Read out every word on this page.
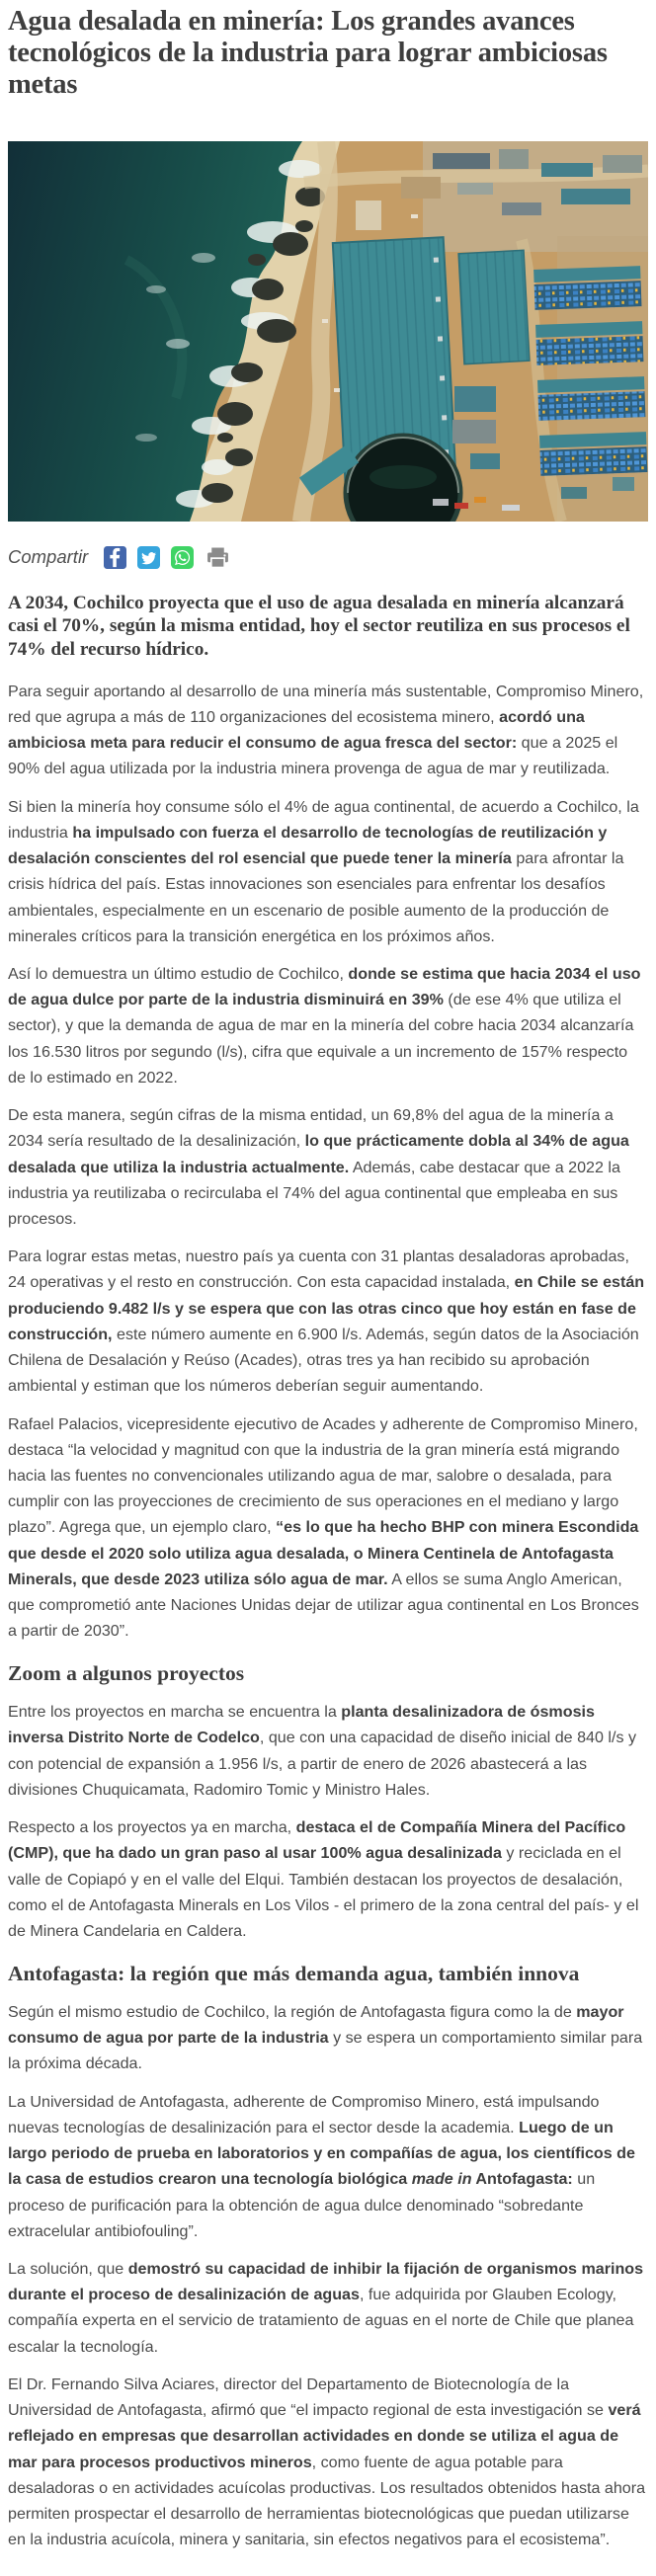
Agua desalada en minería: Los grandes avances tecnológicos de la industria para lograr ambiciosas metas
Compartir

A 2034, Cochilco proyecta que el uso de agua desalada en minería alcanzará casi el 70%, según la misma entidad, hoy el sector reutiliza en sus procesos el 74% del recurso hídrico.

Para seguir aportando al desarrollo de una minería más sustentable, Compromiso Minero, red que agrupa a más de 110 organizaciones del ecosistema minero, acordó una ambiciosa meta para reducir el consumo de agua fresca del sector: que a 2025 el 90% del agua utilizada por la industria minera provenga de agua de mar y reutilizada.

Si bien la minería hoy consume sólo el 4% de agua continental, de acuerdo a Cochilco, la industria ha impulsado con fuerza el desarrollo de tecnologías de reutilización y desalación conscientes del rol esencial que puede tener la minería para afrontar la crisis hídrica del país. Estas innovaciones son esenciales para enfrentar los desafíos ambientales, especialmente en un escenario de posible aumento de la producción de minerales críticos para la transición energética en los próximos años.

Así lo demuestra un último estudio de Cochilco, donde se estima que hacia 2034 el uso de agua dulce por parte de la industria disminuirá en 39% (de ese 4% que utiliza el sector), y que la demanda de agua de mar en la minería del cobre hacia 2034 alcanzaría los 16.530 litros por segundo (l/s), cifra que equivale a un incremento de 157% respecto de lo estimado en 2022.

De esta manera, según cifras de la misma entidad, un 69,8% del agua de la minería a 2034 sería resultado de la desalinización, lo que prácticamente dobla al 34% de agua desalada que utiliza la industria actualmente. Además, cabe destacar que a 2022 la industria ya reutilizaba o recirculaba el 74% del agua continental que empleaba en sus procesos.

Para lograr estas metas, nuestro país ya cuenta con 31 plantas desaladoras aprobadas, 24 operativas y el resto en construcción. Con esta capacidad instalada, en Chile se están produciendo 9.482 l/s y se espera que con las otras cinco que hoy están en fase de construcción, este número aumente en 6.900 l/s. Además, según datos de la Asociación Chilena de Desalación y Reúso (Acades), otras tres ya han recibido su aprobación ambiental y estiman que los números deberían seguir aumentando.

Rafael Palacios, vicepresidente ejecutivo de Acades y adherente de Compromiso Minero, destaca “la velocidad y magnitud con que la industria de la gran minería está migrando hacia las fuentes no convencionales utilizando agua de mar, salobre o desalada, para cumplir con las proyecciones de crecimiento de sus operaciones en el mediano y largo plazo”. Agrega que, un ejemplo claro, “es lo que ha hecho BHP con minera Escondida que desde el 2020 solo utiliza agua desalada, o Minera Centinela de Antofagasta Minerals, que desde 2023 utiliza sólo agua de mar. A ellos se suma Anglo American, que comprometió ante Naciones Unidas dejar de utilizar agua continental en Los Bronces a partir de 2030”.

Zoom a algunos proyectos

Entre los proyectos en marcha se encuentra la planta desalinizadora de ósmosis inversa Distrito Norte de Codelco, que con una capacidad de diseño inicial de 840 l/s y con potencial de expansión a 1.956 l/s, a partir de enero de 2026 abastecerá a las divisiones Chuquicamata, Radomiro Tomic y Ministro Hales.

Respecto a los proyectos ya en marcha, destaca el de Compañía Minera del Pacífico (CMP), que ha dado un gran paso al usar 100% agua desalinizada y reciclada en el valle de Copiapó y en el valle del Elqui. También destacan los proyectos de desalación, como el de Antofagasta Minerals en Los Vilos - el primero de la zona central del país- y el de Minera Candelaria en Caldera.

Antofagasta: la región que más demanda agua, también innova

Según el mismo estudio de Cochilco, la región de Antofagasta figura como la de mayor consumo de agua por parte de la industria y se espera un comportamiento similar para la próxima década.

La Universidad de Antofagasta, adherente de Compromiso Minero, está impulsando nuevas tecnologías de desalinización para el sector desde la academia. Luego de un largo periodo de prueba en laboratorios y en compañías de agua, los científicos de la casa de estudios crearon una tecnología biológica made in Antofagasta: un proceso de purificación para la obtención de agua dulce denominado “sobredante extracelular antibiofouling”.

La solución, que demostró su capacidad de inhibir la fijación de organismos marinos durante el proceso de desalinización de aguas, fue adquirida por Glauben Ecology, compañía experta en el servicio de tratamiento de aguas en el norte de Chile que planea escalar la tecnología.

El Dr. Fernando Silva Aciares, director del Departamento de Biotecnología de la Universidad de Antofagasta, afirmó que “el impacto regional de esta investigación se verá reflejado en empresas que desarrollan actividades en donde se utiliza el agua de mar para procesos productivos mineros, como fuente de agua potable para desaladoras o en actividades acuícolas productivas. Los resultados obtenidos hasta ahora permiten prospectar el desarrollo de herramientas biotecnológicas que puedan utilizarse en la industria acuícola, minera y sanitaria, sin efectos negativos para el ecosistema”.
